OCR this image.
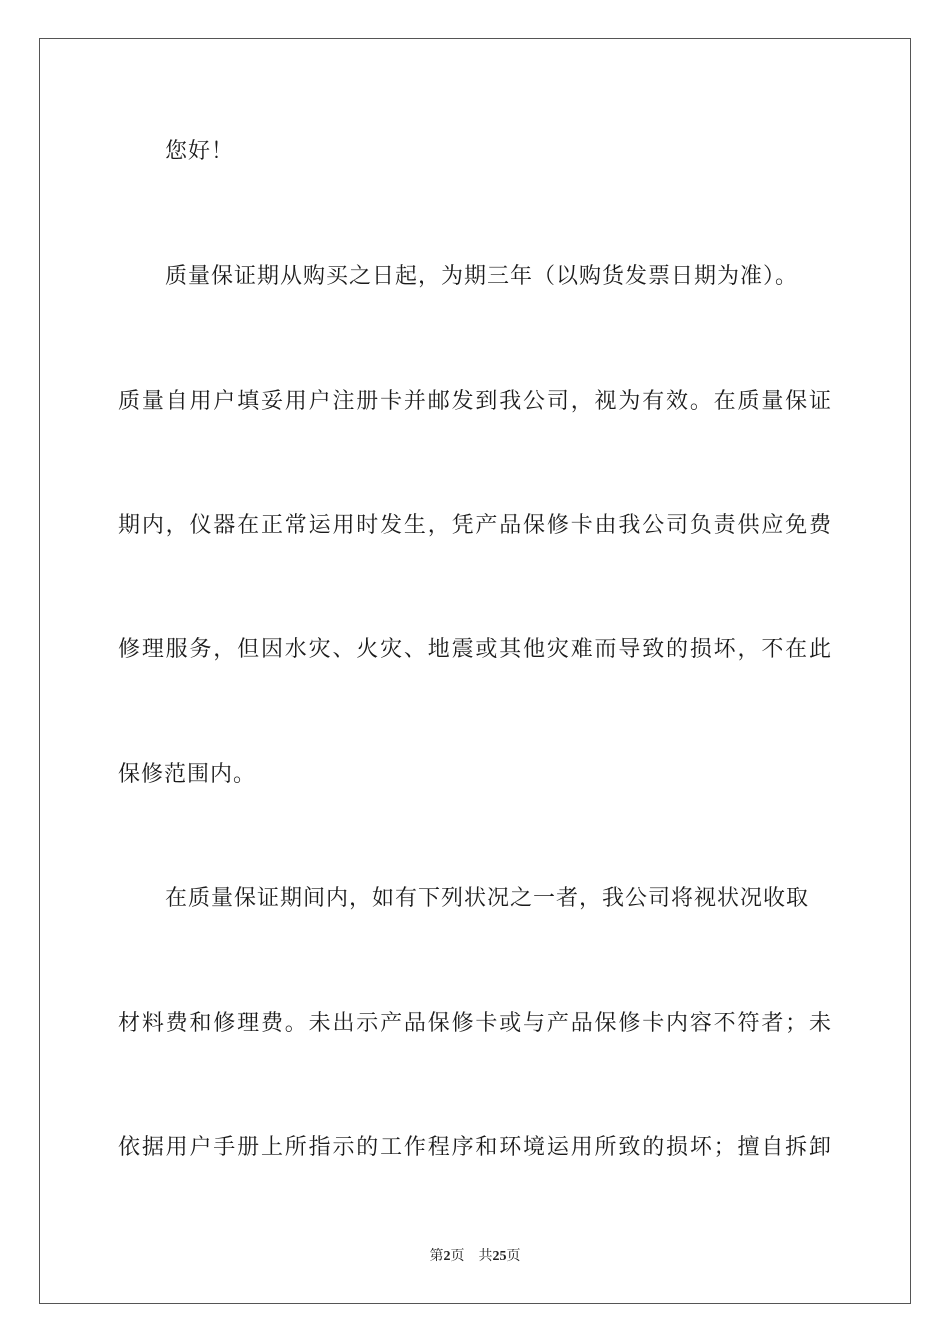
您好！
质量保证期从购买之日起，为期三年（以购货发票日期为准）。
质量自用户填妥用户注册卡并邮发到我公司，视为有效。在质量保证
期内，仪器在正常运用时发生，凭产品保修卡由我公司负责供应免费
修理服务，但因水灾、火灾、地震或其他灾难而导致的损坏，不在此
保修范围内。
在质量保证期间内，如有下列状况之一者，我公司将视状况收取
材料费和修理费。未出示产品保修卡或与产品保修卡内容不符者；未
依据用户手册上所指示的工作程序和环境运用所致的损坏；擅自拆卸
第2页 共25页
